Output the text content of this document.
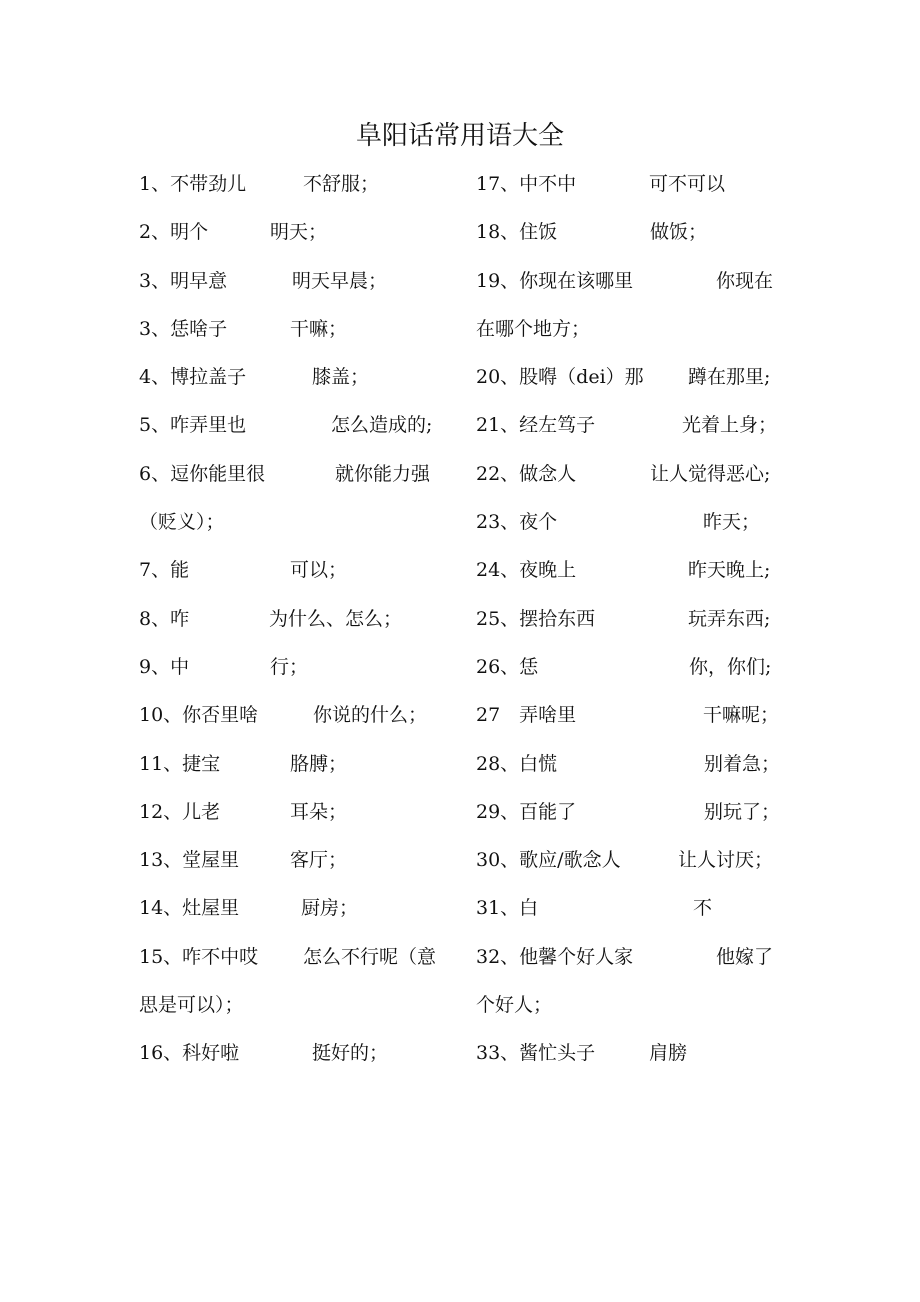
阜阳话常用语大全
1、不带劲儿	不舒服；
2、明个	明天；
3、明早意	明天早晨；
3、恁啥子	干嘛；
4、博拉盖子	膝盖；
5、咋弄里也	怎么造成的;
6、逗你能里很	就你能力强
（贬义）；
7、能	可以；
8、咋	为什么、怎么；
9、中	行；
10、你否里啥	你说的什么；
11、捷宝	胳膊；
12、儿老	耳朵；
13、堂屋里	客厅；
14、灶屋里	厨房；
15、咋不中哎 怎么不行呢（意
思是可以）；
16、科好啦	挺好的；
17、中不中	可不可以
18、住饭	做饭；
19、你现在该哪里	你现在
在哪个地方；
20、股嘚（dei）那 蹲在那里;
21、经左笃子	光着上身；
22、做念人	让人觉得恶心;
23、夜个	昨天；
24、夜晚上	昨天晚上;
25、摆拾东西	玩弄东西;
26、恁	你，你们;
27　弄啥里	干嘛呢；
28、白慌	别着急；
29、百能了	别玩了；
30、歌应/歌念人	让人讨厌；
31、白	不
32、他馨个好人家	他嫁了
个好人；
33、酱忙头子	肩膀
